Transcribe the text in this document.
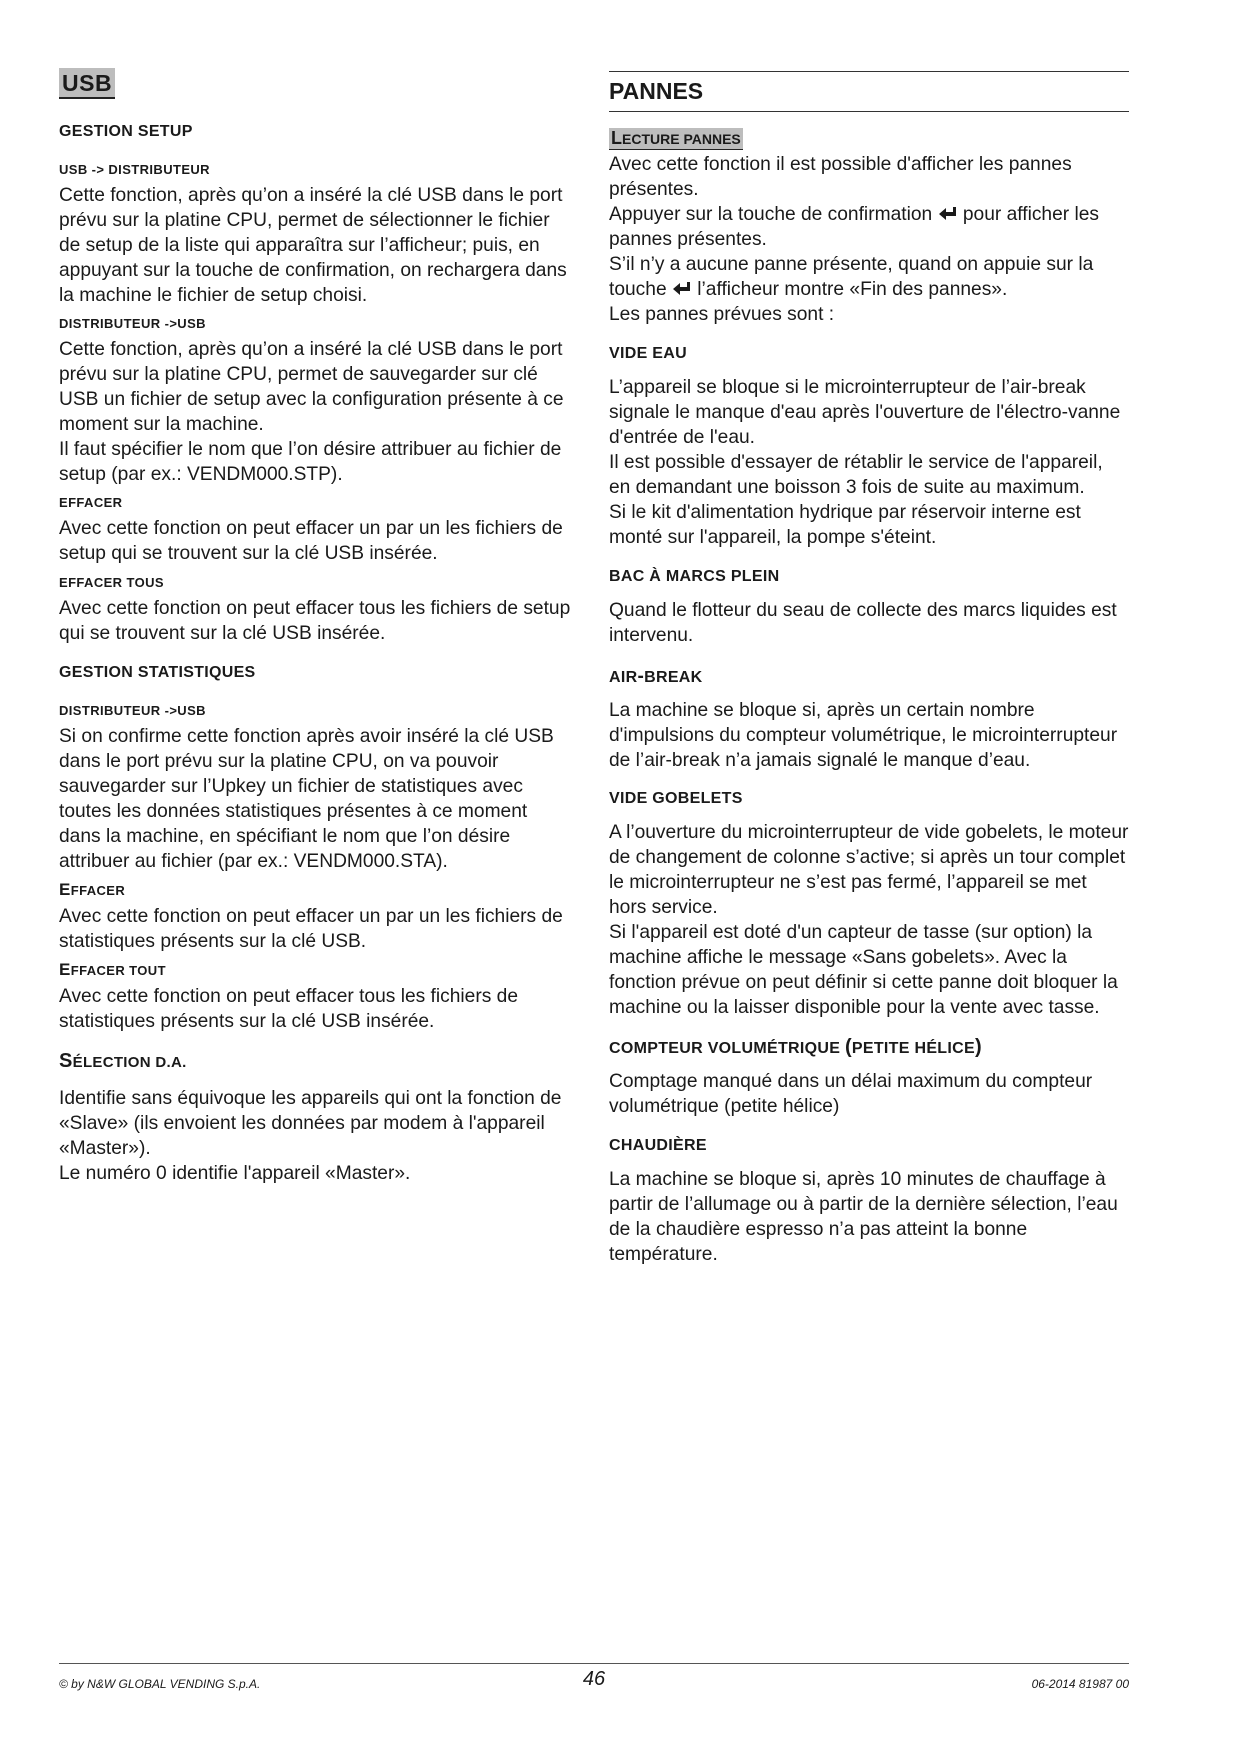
USB

GESTION SETUP

USB -> DISTRIBUTEUR

Cette fonction, après qu’on a inséré la clé USB dans le port prévu sur la platine CPU, permet de sélectionner le fichier de setup de la liste qui apparaîtra sur l’afficheur; puis, en appuyant sur la touche de confirmation, on rechargera dans la machine le fichier de setup choisi.

DISTRIBUTEUR ->USB

Cette fonction, après qu’on a inséré la clé USB dans le port prévu sur la platine CPU, permet de sauvegarder sur clé USB un fichier de setup avec la configuration présente à ce moment sur la machine.

Il faut spécifier le nom que l’on désire attribuer au fichier de setup (par ex.: VENDM000.STP).

EFFACER

Avec cette fonction on peut effacer un par un les fichiers de setup qui se trouvent sur la clé USB insérée.

EFFACER TOUS

Avec cette fonction on peut effacer tous les fichiers de setup qui se trouvent sur la clé USB insérée.

GESTION STATISTIQUES

DISTRIBUTEUR ->USB

Si on confirme cette fonction après avoir inséré la clé USB dans le port prévu sur la platine CPU, on va pouvoir sauvegarder sur l’Upkey un fichier de statistiques avec toutes les données statistiques présentes à ce moment dans la machine, en spécifiant le nom que l’on désire attribuer au fichier (par ex.: VENDM000.STA).

EFFACER

Avec cette fonction on peut effacer un par un les fichiers de statistiques présents sur la clé USB.

EFFACER TOUT

Avec cette fonction on peut effacer tous les fichiers de statistiques présents sur la clé USB insérée.

SÉLECTION D.A.

Identifie sans équivoque les appareils qui ont la fonction de «Slave» (ils envoient les données par modem à l'appareil «Master»).

Le numéro 0 identifie l'appareil «Master».

PANNES

LECTURE PANNES

Avec cette fonction il est possible d'afficher les pannes présentes.

Appuyer sur la touche de confirmation  pour afficher les pannes présentes.

S’il n’y a aucune panne présente, quand on appuie sur la touche  l’afficheur montre «Fin des pannes».

Les pannes prévues sont :

VIDE EAU

L’appareil se bloque si le microinterrupteur de l’air-break signale le manque d'eau après l'ouverture de l'électro-vanne d'entrée de l'eau.

Il est possible d'essayer de rétablir le service de l'appareil, en demandant une boisson 3 fois de suite au maximum.

Si le kit d'alimentation hydrique par réservoir interne est monté sur l'appareil, la pompe s'éteint.

BAC À MARCS PLEIN

Quand le flotteur du seau de collecte des marcs liquides est intervenu.

AIR-BREAK

La machine se bloque si, après un certain nombre d'impulsions du compteur volumétrique, le microinterrupteur de l’air-break n’a jamais signalé le manque d’eau.

VIDE GOBELETS

A l’ouverture du microinterrupteur de vide gobelets, le moteur de changement de colonne s’active; si après un tour complet le microinterrupteur ne s’est pas fermé, l’appareil se met hors service.

Si l'appareil est doté d'un capteur de tasse (sur option) la machine affiche le message «Sans gobelets». Avec la fonction prévue on peut définir si cette panne doit bloquer la machine ou la laisser disponible pour la vente avec tasse.

COMPTEUR VOLUMÉTRIQUE (PETITE HÉLICE)

Comptage manqué dans un délai maximum du compteur volumétrique (petite hélice)

CHAUDIÈRE

La machine se bloque si, après 10 minutes de chauffage à partir de l’allumage ou à partir de la dernière sélection, l’eau de la chaudière espresso n’a pas atteint la bonne température.

© by N&W GLOBAL VENDING S.p.A.	46	06-2014 81987 00
